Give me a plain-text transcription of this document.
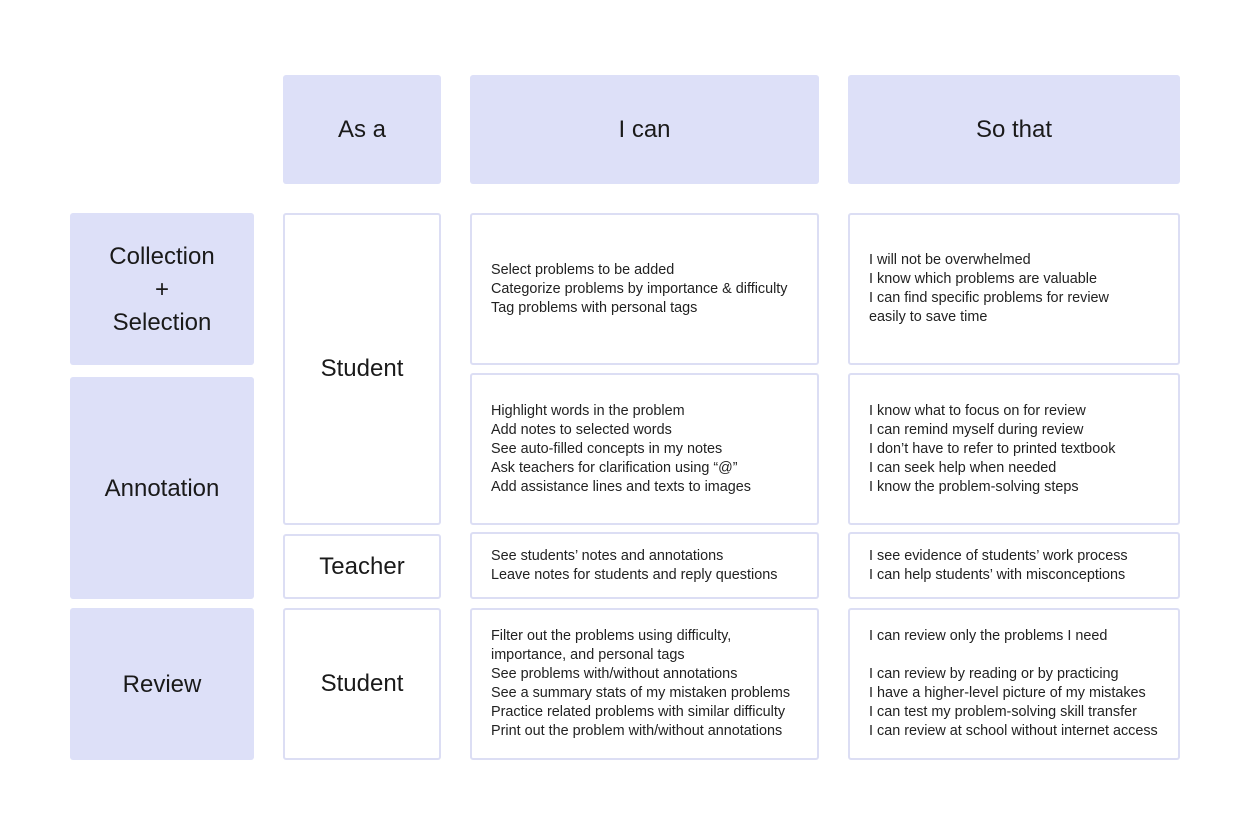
As a	I can	So that
Collection
+
Selection
Annotation
Review
Student
Teacher
Student
Select problems to be added
Categorize problems by importance & difficulty
Tag problems with personal tags
I will not be overwhelmed
I know which problems are valuable
I can find specific problems for review
easily to save time
Highlight words in the problem
Add notes to selected words
See auto-filled concepts in my notes
Ask teachers for clarification using “@”
Add assistance lines and texts to images
I know what to focus on for review
I can remind myself during review
I don’t have to refer to printed textbook
I can seek help when needed
I know the problem-solving steps
See students’ notes and annotations
Leave notes for students and reply questions
I see evidence of students’ work process
I can help students’ with misconceptions
Filter out the problems using difficulty,
importance, and personal tags
See problems with/without annotations
See a summary stats of my mistaken problems
Practice related problems with similar difficulty
Print out the problem with/without annotations
I can review only the problems I need
I can review by reading or by practicing
I have a higher-level picture of my mistakes
I can test my problem-solving skill transfer
I can review at school without internet access
